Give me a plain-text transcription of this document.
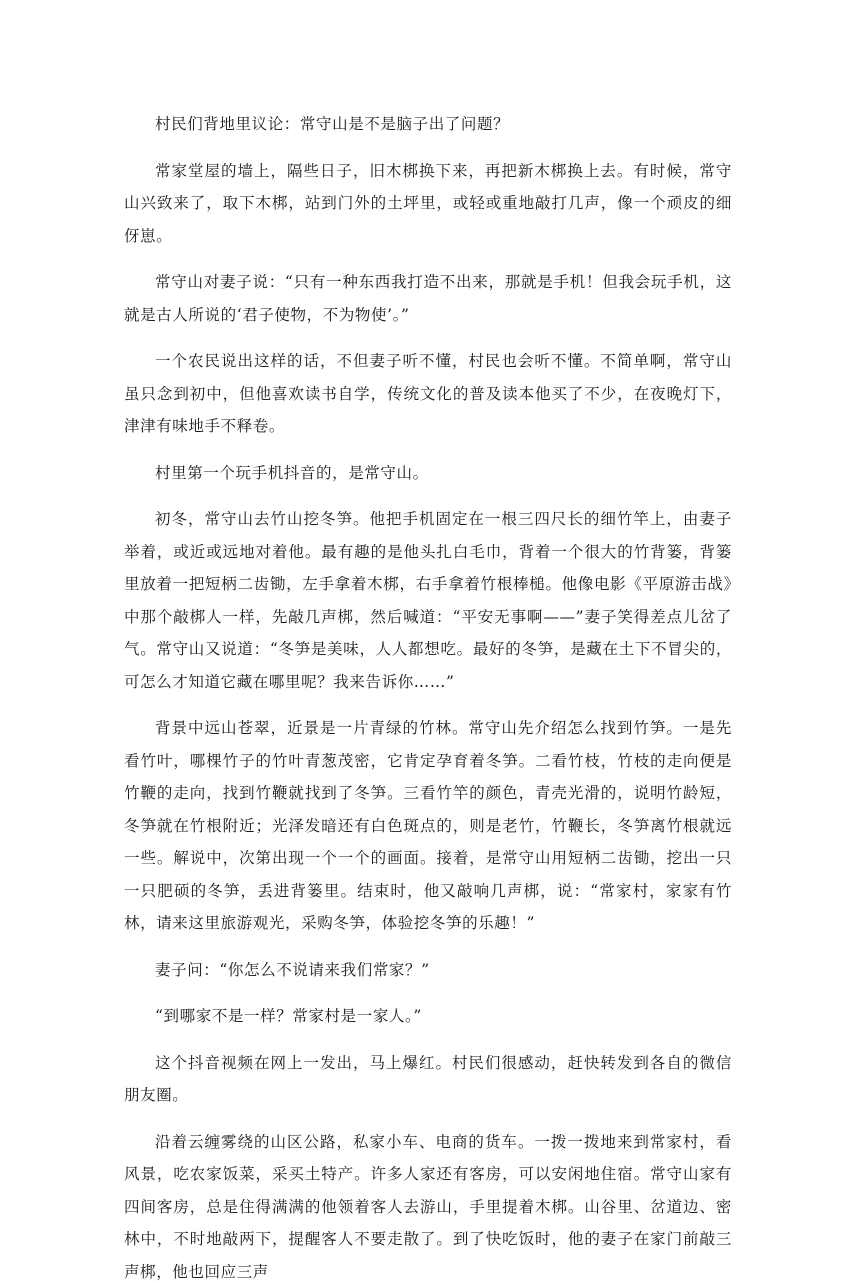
村民们背地里议论：常守山是不是脑子出了问题？

常家堂屋的墙上，隔些日子，旧木梆换下来，再把新木梆换上去。有时候，常守山兴致来了，取下木梆，站到门外的土坪里，或轻或重地敲打几声，像一个顽皮的细伢崽。

常守山对妻子说：“只有一种东西我打造不出来，那就是手机！但我会玩手机，这就是古人所说的‘君子使物，不为物使’。”

一个农民说出这样的话，不但妻子听不懂，村民也会听不懂。不简单啊，常守山虽只念到初中，但他喜欢读书自学，传统文化的普及读本他买了不少，在夜晚灯下，津津有味地手不释卷。

村里第一个玩手机抖音的，是常守山。

初冬，常守山去竹山挖冬笋。他把手机固定在一根三四尺长的细竹竿上，由妻子举着，或近或远地对着他。最有趣的是他头扎白毛巾，背着一个很大的竹背篓，背篓里放着一把短柄二齿锄，左手拿着木梆，右手拿着竹根棒槌。他像电影《平原游击战》中那个敲梆人一样，先敲几声梆，然后喊道：“平安无事啊——”妻子笑得差点儿岔了气。常守山又说道：“冬笋是美味，人人都想吃。最好的冬笋，是藏在土下不冒尖的，可怎么才知道它藏在哪里呢？我来告诉你……”

背景中远山苍翠，近景是一片青绿的竹林。常守山先介绍怎么找到竹笋。一是先看竹叶，哪棵竹子的竹叶青葱茂密，它肯定孕育着冬笋。二看竹枝，竹枝的走向便是竹鞭的走向，找到竹鞭就找到了冬笋。三看竹竿的颜色，青壳光滑的，说明竹龄短，冬笋就在竹根附近；光泽发暗还有白色斑点的，则是老竹，竹鞭长，冬笋离竹根就远一些。解说中，次第出现一个一个的画面。接着，是常守山用短柄二齿锄，挖出一只一只肥硕的冬笋，丢进背篓里。结束时，他又敲响几声梆，说：“常家村，家家有竹林，请来这里旅游观光，采购冬笋，体验挖冬笋的乐趣！”

妻子问：“你怎么不说请来我们常家？”

“到哪家不是一样？常家村是一家人。”

这个抖音视频在网上一发出，马上爆红。村民们很感动，赶快转发到各自的微信朋友圈。

沿着云缠雾绕的山区公路，私家小车、电商的货车。一拨一拨地来到常家村，看风景，吃农家饭菜，采买土特产。许多人家还有客房，可以安闲地住宿。常守山家有四间客房，总是住得满满的他领着客人去游山，手里提着木梆。山谷里、岔道边、密林中，不时地敲两下，提醒客人不要走散了。到了快吃饭时，他的妻子在家门前敲三声梆，他也回应三声
